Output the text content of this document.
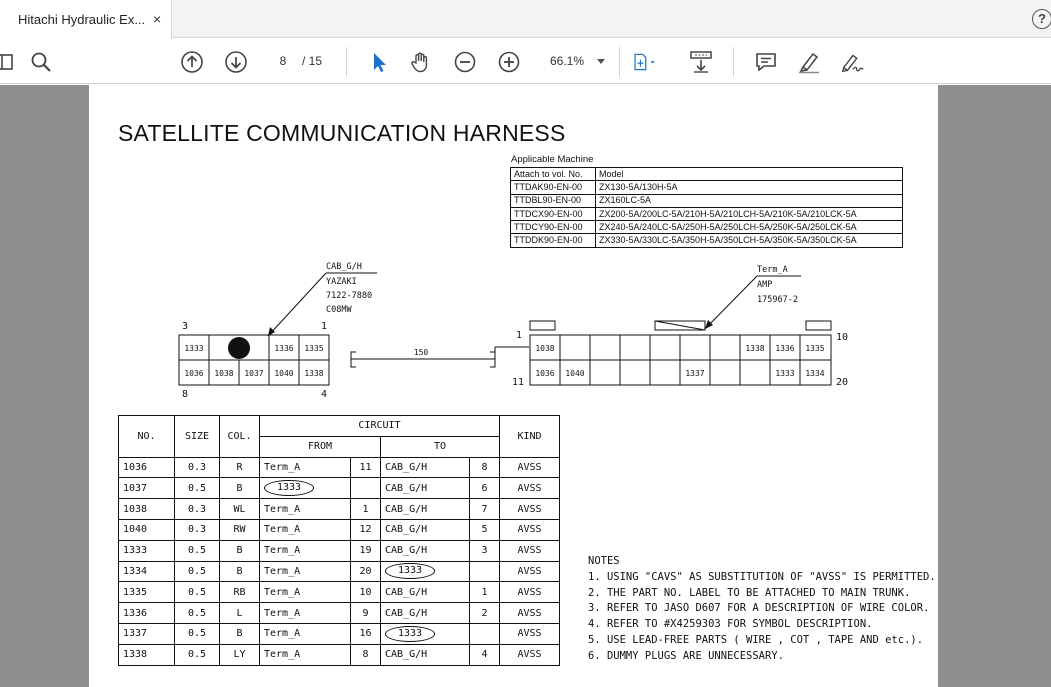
Hitachi Hydraulic Ex... ×	?
8	/ 15	66.1%
SATELLITE COMMUNICATION HARNESS
Applicable Machine
Attach to vol. No.	Model
TTDAK90-EN-00	ZX130-5A/130H-5A
TTDBL90-EN-00	ZX160LC-5A
TTDCX90-EN-00	ZX200-5A/200LC-5A/210H-5A/210LCH-5A/210K-5A/210LCK-5A
TTDCY90-EN-00	ZX240-5A/240LC-5A/250H-5A/250LCH-5A/250K-5A/250LCK-5A
TTDDK90-EN-00	ZX330-5A/330LC-5A/350H-5A/350LCH-5A/350K-5A/350LCK-5A
CAB_G/H
YAZAKI
7122-7880
C08MW
3	1
8	4
1333	1336 1335
1036 1038 1037 1040 1338
150
Term_A
AMP
175967-2
1	10
11	20
1038	1338 1336 1335
1036 1040	1337	1333 1334
NO.	SIZE	COL.	CIRCUIT				KIND
			FROM		TO		
1036	0.3	R	Term_A	11	CAB_G/H	8	AVSS
1037	0.5	B	1333		CAB_G/H	6	AVSS
1038	0.3	WL	Term_A	1	CAB_G/H	7	AVSS
1040	0.3	RW	Term_A	12	CAB_G/H	5	AVSS
1333	0.5	B	Term_A	19	CAB_G/H	3	AVSS
1334	0.5	B	Term_A	20	1333		AVSS
1335	0.5	RB	Term_A	10	CAB_G/H	1	AVSS
1336	0.5	L	Term_A	9	CAB_G/H	2	AVSS
1337	0.5	B	Term_A	16	1333		AVSS
1338	0.5	LY	Term_A	8	CAB_G/H	4	AVSS
NOTES
1. USING "CAVS" AS SUBSTITUTION OF "AVSS" IS PERMITTED.
2. THE PART NO. LABEL TO BE ATTACHED TO MAIN TRUNK.
3. REFER TO JASO D607 FOR A DESCRIPTION OF WIRE COLOR.
4. REFER TO #X4259303 FOR SYMBOL DESCRIPTION.
5. USE LEAD-FREE PARTS ( WIRE , COT , TAPE AND etc.).
6. DUMMY PLUGS ARE UNNECESSARY.
